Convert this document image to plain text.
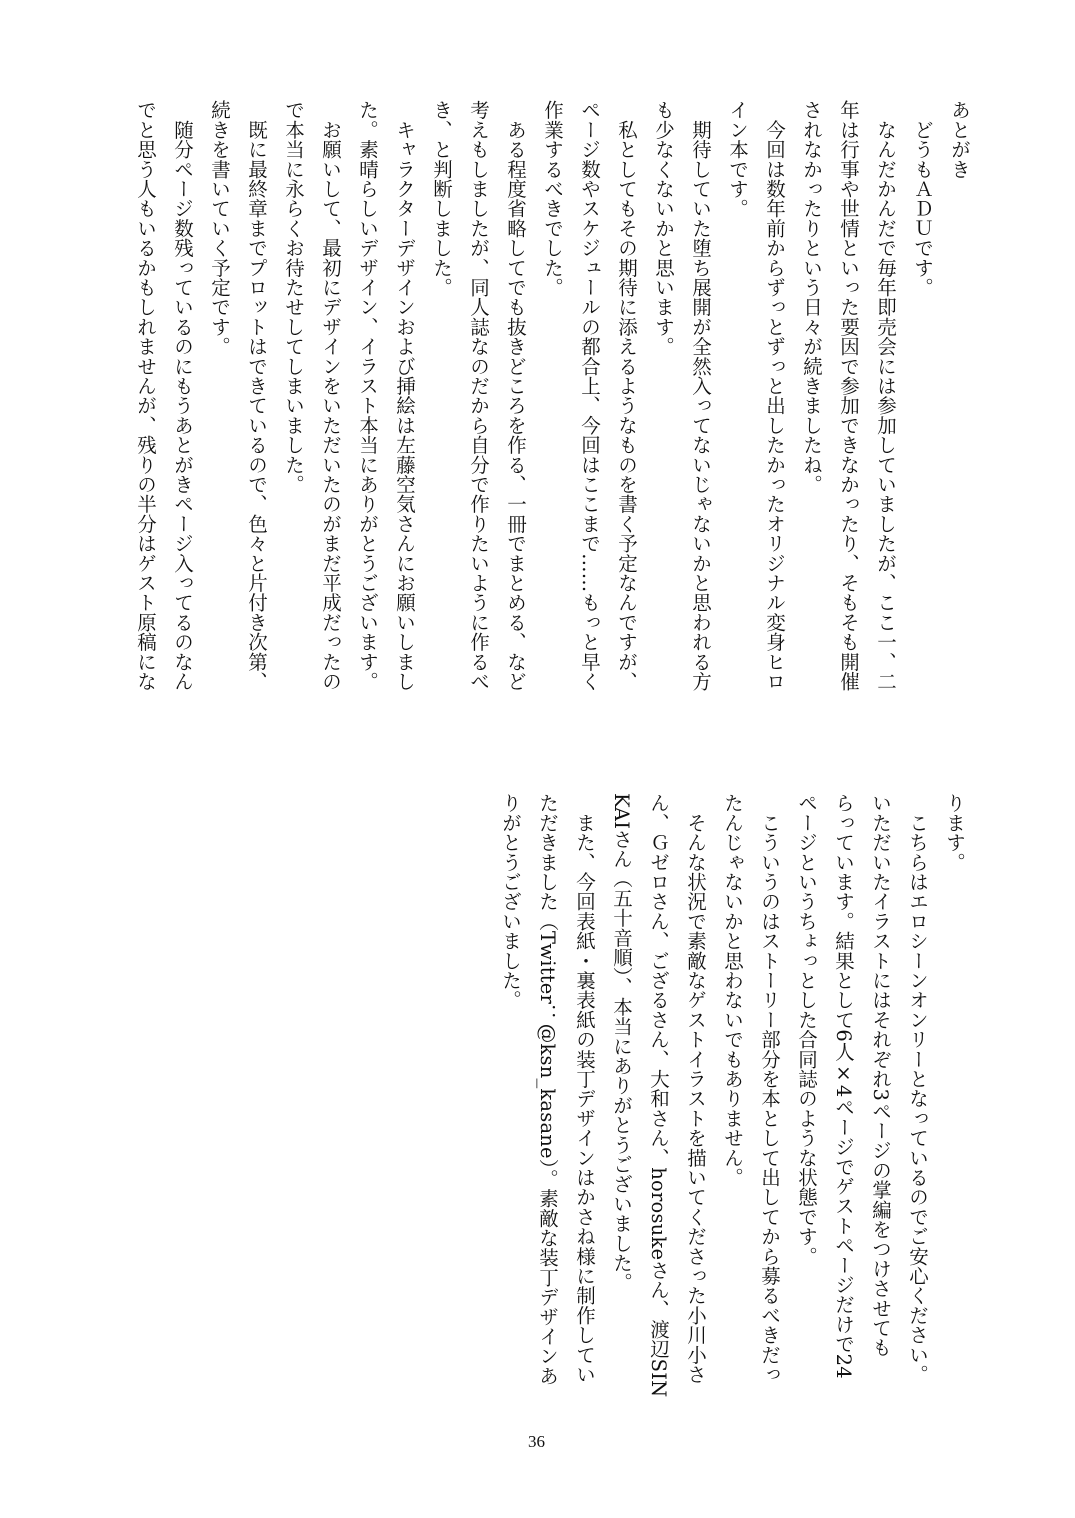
あとがき
　どうもＡＤＵです。
　なんだかんだで毎年即売会には参加していましたが、ここ一、二
年は行事や世情といった要因で参加できなかったり、そもそも開催
されなかったりという日々が続きましたね。
　今回は数年前からずっとずっと出したかったオリジナル変身ヒロ
イン本です。
　期待していた堕ち展開が全然入ってないじゃないかと思われる方
も少なくないかと思います。
　私としてもその期待に添えるようなものを書く予定なんですが、
ページ数やスケジュールの都合上、今回はここまで……もっと早く
作業するべきでした。
　ある程度省略してでも抜きどころを作る、一冊でまとめる、など
考えもしましたが、同人誌なのだから自分で作りたいように作るべ
き、と判断しました。
　キャラクターデザインおよび挿絵は左藤空気さんにお願いしまし
た。素晴らしいデザイン、イラスト本当にありがとうございます。
　お願いして、最初にデザインをいただいたのがまだ平成だったの
で本当に永らくお待たせしてしまいました。
　既に最終章までプロットはできているので、色々と片付き次第、
続きを書いていく予定です。
　随分ページ数残っているのにもうあとがきページ入ってるのなん
でと思う人もいるかもしれませんが、残りの半分はゲスト原稿にな
ります。
　こちらはエロシーンオンリーとなっているのでご安心ください。
いただいたイラストにはそれぞれ3ページの掌編をつけさせても
らっています。結果として6人×4ページでゲストページだけで24
ページというちょっとした合同誌のような状態です。
　こういうのはストーリー部分を本として出してから募るべきだっ
たんじゃないかと思わないでもありません。
　そんな状況で素敵なゲストイラストを描いてくださった小川小さ
ん、Ｇゼロさん、ござるさん、大和さん、horosukeさん、渡辺SIN
KAIさん（五十音順）、本当にありがとうございました。
　また、今回表紙・裏表紙の装丁デザインはかさね様に制作してい
ただきました（Twitter：@ksn_kasane）。素敵な装丁デザインあ
りがとうございました。
36
